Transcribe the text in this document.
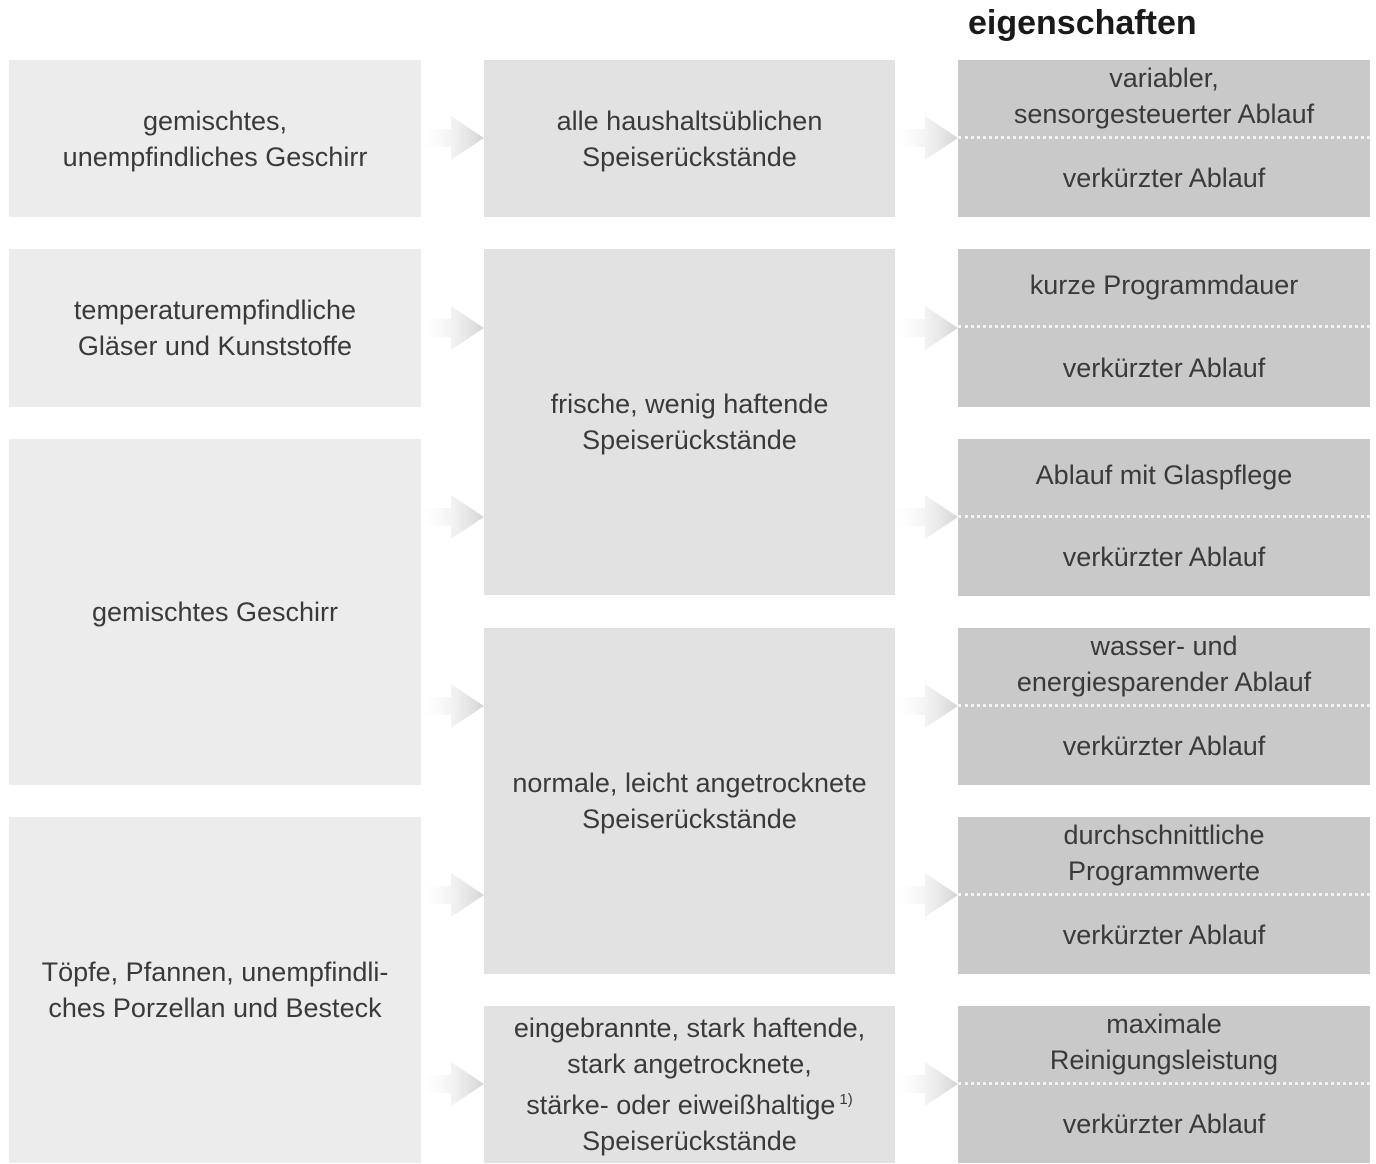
eigenschaften
gemischtes,
unempfindliches Geschirr
temperaturempfindliche
Gläser und Kunststoffe
gemischtes Geschirr
Töpfe, Pfannen, unempfindli-
ches Porzellan und Besteck
alle haushaltsüblichen
Speiserückstände
frische, wenig haftende
Speiserückstände
normale, leicht angetrocknete
Speiserückstände
eingebrannte, stark haftende,
stark angetrocknete,
stärke- oder eiweißhaltige $^{1)}$
Speiserückstände
variabler,
sensorgesteuerter Ablauf
verkürzter Ablauf
kurze Programmdauer
verkürzter Ablauf
Ablauf mit Glaspflege
verkürzter Ablauf
wasser- und
energiesparender Ablauf
verkürzter Ablauf
durchschnittliche
Programmwerte
verkürzter Ablauf
maximale
Reinigungsleistung
verkürzter Ablauf
